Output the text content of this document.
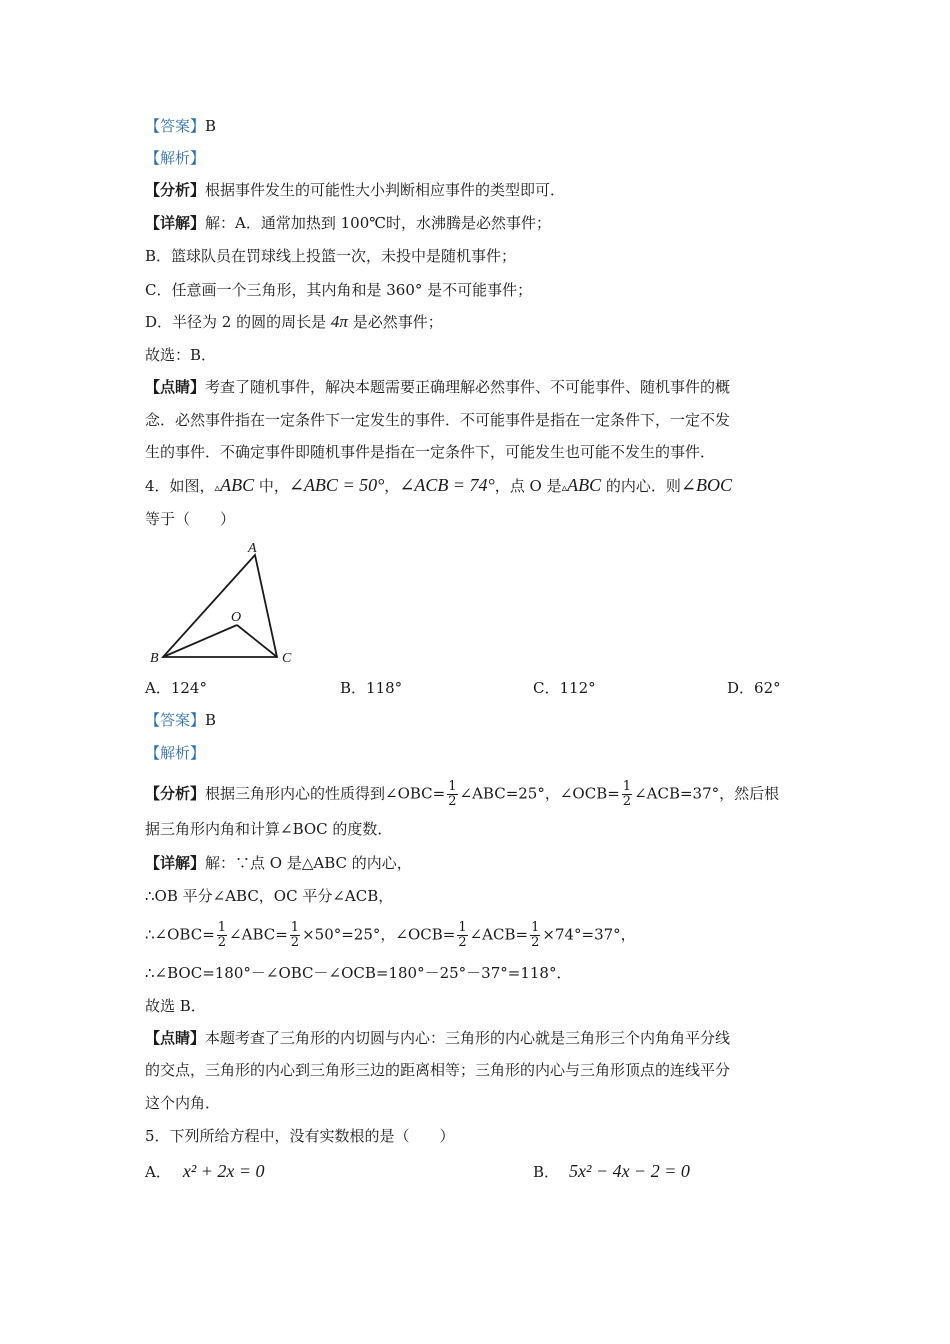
【答案】B
【解析】
【分析】根据事件发生的可能性大小判断相应事件的类型即可．
【详解】解：A．通常加热到 100℃时，水沸腾是必然事件；
B．篮球队员在罚球线上投篮一次，未投中是随机事件；
C．任意画一个三角形，其内角和是 360° 是不可能事件；
D．半径为 2 的圆的周长是 4π 是必然事件；
故选：B．
【点睛】考查了随机事件，解决本题需要正确理解必然事件、不可能事件、随机事件的概
念．必然事件指在一定条件下一定发生的事件．不可能事件是指在一定条件下，一定不发
生的事件．不确定事件即随机事件是指在一定条件下，可能发生也可能不发生的事件．
4．如图，▵ABC 中，∠ABC = 50°，∠ACB = 74°，点 O 是▵ABC 的内心．则∠BOC
等于（　　）
A
B	C
O
A．124°	B．118°	C．112°	D．62°
【答案】B
【解析】
【分析】根据三角形内心的性质得到∠OBC= $\frac{1}{2}$ ∠ABC=25°，∠OCB= $\frac{1}{2}$ ∠ACB=37°，然后根
据三角形内角和计算∠BOC 的度数．
【详解】解：∵点 O 是△ABC 的内心，
∴OB 平分∠ABC，OC 平分∠ACB，
∴∠OBC= $\frac{1}{2}$ ∠ABC= $\frac{1}{2} \times 50^\circ=25^\circ$，∠OCB= $\frac{1}{2}$ ∠ACB= $\frac{1}{2} \times 74^\circ=37^\circ$，
∴∠BOC=180°－∠OBC－∠OCB=180°－25°－37°=118°．
故选 B．
【点睛】本题考查了三角形的内切圆与内心：三角形的内心就是三角形三个内角角平分线
的交点，三角形的内心到三角形三边的距离相等；三角形的内心与三角形顶点的连线平分
这个内角．
5．下列所给方程中，没有实数根的是（　　）
A． x² + 2x = 0	B． 5x² − 4x − 2 = 0
